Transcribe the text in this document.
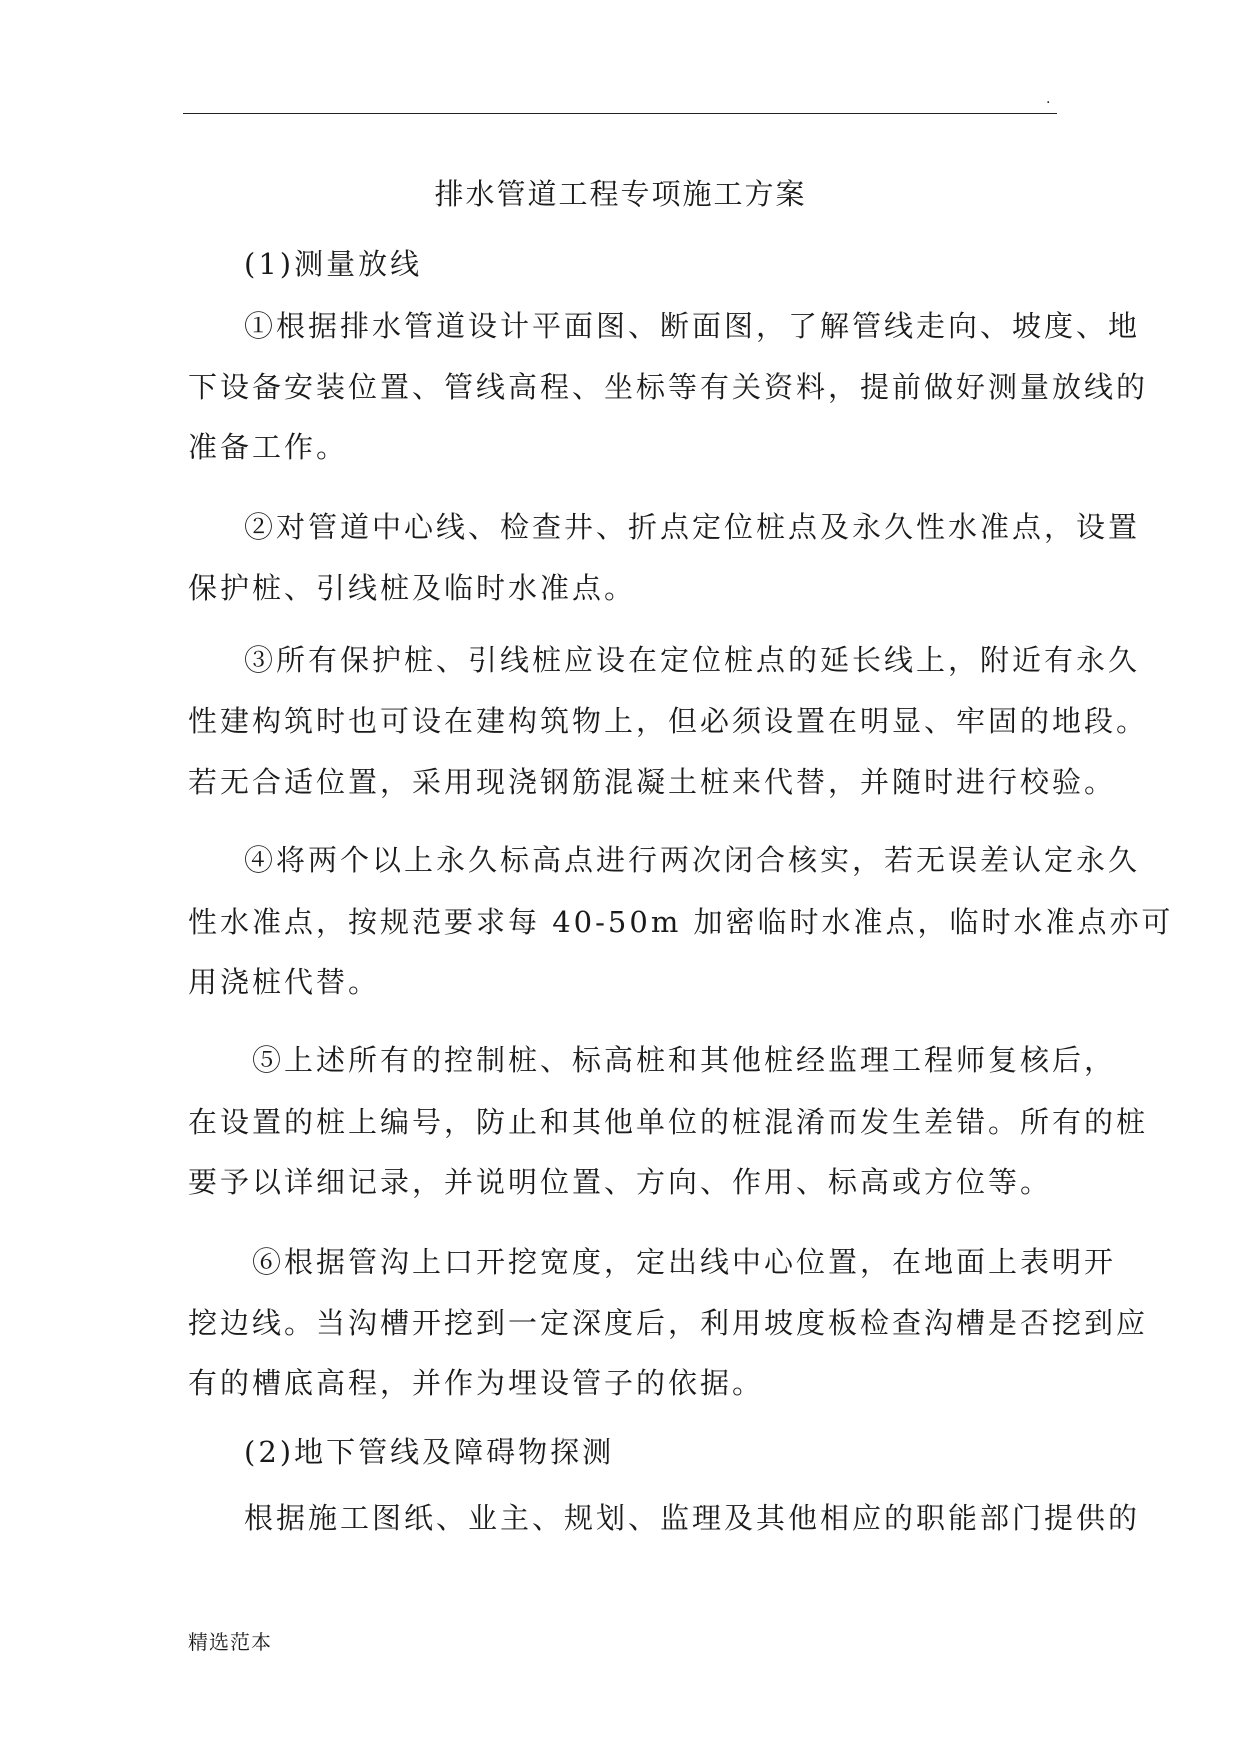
.
排水管道工程专项施工方案
(1)测量放线
①根据排水管道设计平面图、断面图，了解管线走向、坡度、地
下设备安装位置、管线高程、坐标等有关资料，提前做好测量放线的
准备工作。
②对管道中心线、检查井、折点定位桩点及永久性水准点，设置
保护桩、引线桩及临时水准点。
③所有保护桩、引线桩应设在定位桩点的延长线上，附近有永久
性建构筑时也可设在建构筑物上，但必须设置在明显、牢固的地段。
若无合适位置，采用现浇钢筋混凝土桩来代替，并随时进行校验。
④将两个以上永久标高点进行两次闭合核实，若无误差认定永久
性水准点，按规范要求每 40-50m 加密临时水准点，临时水准点亦可
用浇桩代替。
⑤上述所有的控制桩、标高桩和其他桩经监理工程师复核后，
在设置的桩上编号，防止和其他单位的桩混淆而发生差错。所有的桩
要予以详细记录，并说明位置、方向、作用、标高或方位等。
⑥根据管沟上口开挖宽度，定出线中心位置，在地面上表明开
挖边线。当沟槽开挖到一定深度后，利用坡度板检查沟槽是否挖到应
有的槽底高程，并作为埋设管子的依据。
(2)地下管线及障碍物探测
根据施工图纸、业主、规划、监理及其他相应的职能部门提供的
精选范本
